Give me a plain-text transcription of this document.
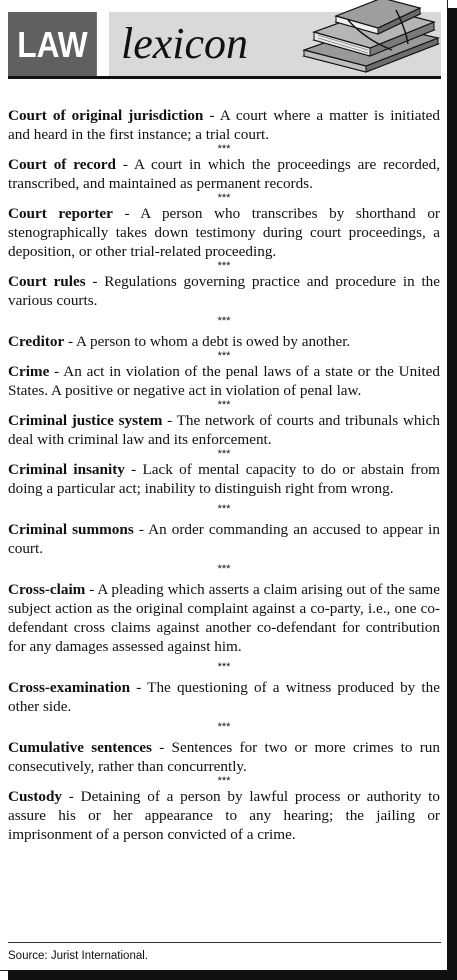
LAW lexicon

Court of original jurisdiction - A court where a matter is initiated and heard in the first instance; a trial court.

***

Court of record - A court in which the proceedings are recorded, transcribed, and maintained as permanent records.

***

Court reporter - A person who transcribes by shorthand or stenographically takes down testimony during court proceedings, a deposition, or other trial-related proceeding.

***

Court rules - Regulations governing practice and procedure in the various courts.

***

Creditor - A person to whom a debt is owed by another.

***

Crime - An act in violation of the penal laws of a state or the United States. A positive or negative act in violation of penal law.

***

Criminal justice system - The network of courts and tribunals which deal with criminal law and its enforcement.

***

Criminal insanity - Lack of mental capacity to do or abstain from doing a particular act; inability to distinguish right from wrong.

***

Criminal summons - An order commanding an accused to appear in court.

***

Cross-claim - A pleading which asserts a claim arising out of the same subject action as the original complaint against a co-party, i.e., one co-defendant cross claims against another co-defendant for contribution for any damages assessed against him.

***

Cross-examination - The questioning of a witness produced by the other side.

***

Cumulative sentences - Sentences for two or more crimes to run consecutively, rather than concurrently.

***

Custody - Detaining of a person by lawful process or authority to assure his or her appearance to any hearing; the jailing or imprisonment of a person convicted of a crime.

Source: Jurist International.
